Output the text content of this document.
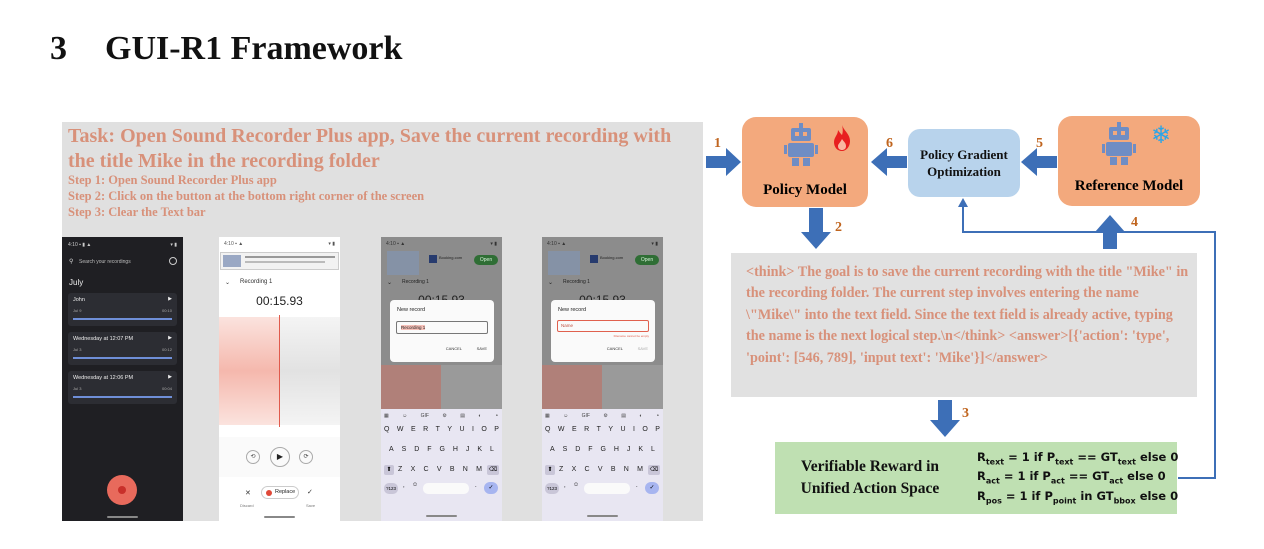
3 GUI-R1 Framework
Task: Open Sound Recorder Plus app, Save the current recording with the title Mike in the recording folder
Step 1: Open Sound Recorder Plus app
Step 2: Click on the button at the bottom right corner of the screen
Step 3: Clear the Text bar
4:10 ▪ ▮ ▲	▾ ▮
⚲ Search your recordings
July
John	▶
Jul 9	00:10
Wednesday at 12:07 PM	▶
Jul 3	00:12
Wednesday at 12:06 PM	▶
Jul 3	00:04
4:10 ▪ ▲	▾ ▮
⌄ Recording 1
00:15.93
⟲	▶	⟳
✕
Discard
Replace ✓
Save
4:10 ▪ ▲	▾ ▮
Booking.com	Open
⌄ Recording 1
New record
Recording 1
CANCEL	SAVE
▦	☺	GIF	⚙	▤	◐	⚬
Q W E R T Y U I O P
A S D F G H J K L
⬆ Z X C V B N M ⌫
?123	, ☺	.	✓
4:10 ▪ ▲	▾ ▮
Booking.com	Open
⌄ Recording 1
New record
Name
Filename cannot be empty
CANCEL	SAVE
▦	☺	GIF	⚙	▤	◐	⚬
Q W E R T Y U I O P
A S D F G H J K L
⬆ Z X C V B N M ⌫
?123	, ☺	.	✓
1
2
3
4
5
6
Policy Model
Policy Gradient Optimization
❄
Reference Model
<think> The goal is to save the current recording with the title "Mike" in the recording folder. The current step involves entering the name \"Mike\" into the text field. Since the text field is already active, typing the name is the next logical step.\n</think> <answer>[{'action': 'type', 'point': [546, 789], 'input text': 'Mike'}]</answer>
Verifiable Reward in Unified Action Space
$R_{text} = 1$ if $P_{text} == GT_{text}$ else 0
$R_{act} = 1$ if $P_{act} == GT_{act}$ else 0
$R_{pos} = 1$ if $P_{point}$ in $GT_{bbox}$ else 0
